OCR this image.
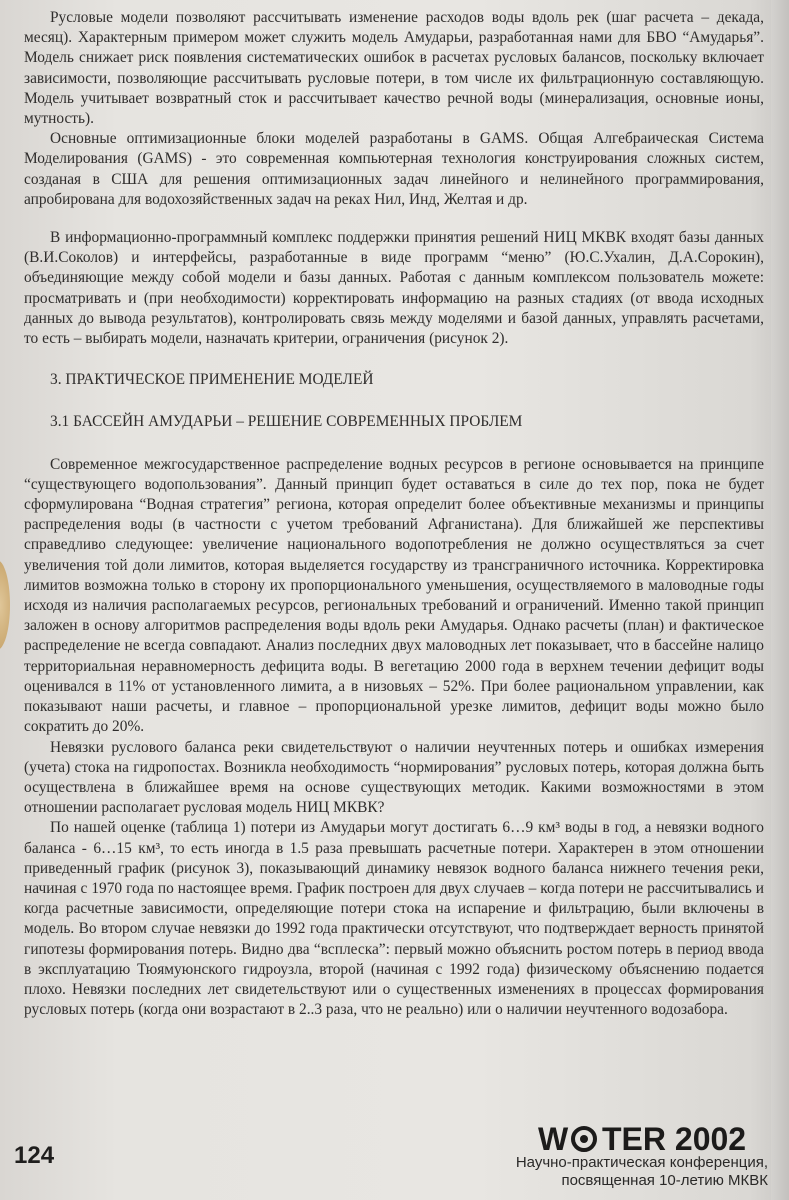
Русловые модели позволяют рассчитывать изменение расходов воды вдоль рек (шаг расчета – декада, месяц). Характерным примером может служить модель Амударьи, разработанная нами для БВО “Амударья”. Модель снижает риск появления систематических ошибок в расчетах русловых балансов, поскольку включает зависимости, позволяющие рассчитывать русловые потери, в том числе их фильтрационную составляющую. Модель учитывает возвратный сток и рассчитывает качество речной воды (минерализация, основные ионы, мутность).

Основные оптимизационные блоки моделей разработаны в GAMS. Общая Алгебраическая Система Моделирования (GAMS) - это современная компьютерная технология конструирования сложных систем, созданая в США для решения оптимизационных задач линейного и нелинейного программирования, апробирована для водохозяйственных задач на реках Нил, Инд, Желтая и др.

В информационно-программный комплекс поддержки принятия решений НИЦ МКВК входят базы данных (В.И.Соколов) и интерфейсы, разработанные в виде программ “меню” (Ю.С.Ухалин, Д.А.Сорокин), объединяющие между собой модели и базы данных. Работая с данным комплексом пользователь можете: просматривать и (при необходимости) корректировать информацию на разных стадиях (от ввода исходных данных до вывода результатов), контролировать связь между моделями и базой данных, управлять расчетами, то есть – выбирать модели, назначать критерии, ограничения (рисунок 2).

3. ПРАКТИЧЕСКОЕ ПРИМЕНЕНИЕ МОДЕЛЕЙ

3.1 БАССЕЙН АМУДАРЬИ – РЕШЕНИЕ СОВРЕМЕННЫХ ПРОБЛЕМ

Современное межгосударственное распределение водных ресурсов в регионе основывается на принципе “существующего водопользования”. Данный принцип будет оставаться в силе до тех пор, пока не будет сформулирована “Водная стратегия” региона, которая определит более объективные механизмы и принципы распределения воды (в частности с учетом требований Афганистана). Для ближайшей же перспективы справедливо следующее: увеличение национального водопотребления не должно осуществляться за счет увеличения той доли лимитов, которая выделяется государству из трансграничного источника. Корректировка лимитов возможна только в сторону их пропорционального уменьшения, осуществляемого в маловодные годы исходя из наличия располагаемых ресурсов, региональных требований и ограничений. Именно такой принцип заложен в основу алгоритмов распределения воды вдоль реки Амударья. Однако расчеты (план) и фактическое распределение не всегда совпадают. Анализ последних двух маловодных лет показывает, что в бассейне налицо территориальная неравномерность дефицита воды. В вегетацию 2000 года в верхнем течении дефицит воды оценивался в 11% от установленного лимита, а в низовьях – 52%. При более рациональном управлении, как показывают наши расчеты, и главное – пропорциональной урезке лимитов, дефицит воды можно было сократить до 20%.

Невязки руслового баланса реки свидетельствуют о наличии неучтенных потерь и ошибках измерения (учета) стока на гидропостах. Возникла необходимость “нормирования” русловых потерь, которая должна быть осуществлена в ближайшее время на основе существующих методик. Какими возможностями в этом отношении располагает русловая модель НИЦ МКВК?

По нашей оценке (таблица 1) потери из Амударьи могут достигать 6…9 км³ воды в год, а невязки водного баланса - 6…15 км³, то есть иногда в 1.5 раза превышать расчетные потери. Характерен в этом отношении приведенный график (рисунок 3), показывающий динамику невязок водного баланса нижнего течения реки, начиная с 1970 года по настоящее время. График построен для двух случаев – когда потери не рассчитывались и когда расчетные зависимости, определяющие потери стока на испарение и фильтрацию, были включены в модель. Во втором случае невязки до 1992 года практически отсутствуют, что подтверждает верность принятой гипотезы формирования потерь. Видно два “всплеска”: первый можно объяснить ростом потерь в период ввода в эксплуатацию Тюямуюнского гидроузла, второй (начиная с 1992 года) физическому объяснению подается плохо. Невязки последних лет свидетельствуют или о существенных изменениях в процессах формирования русловых потерь (когда они возрастают в 2..3 раза, что не реально) или о наличии неучтенного водозабора.

124	W TER 2002
Научно-практическая конференция,
посвященная 10-летию МКВК
